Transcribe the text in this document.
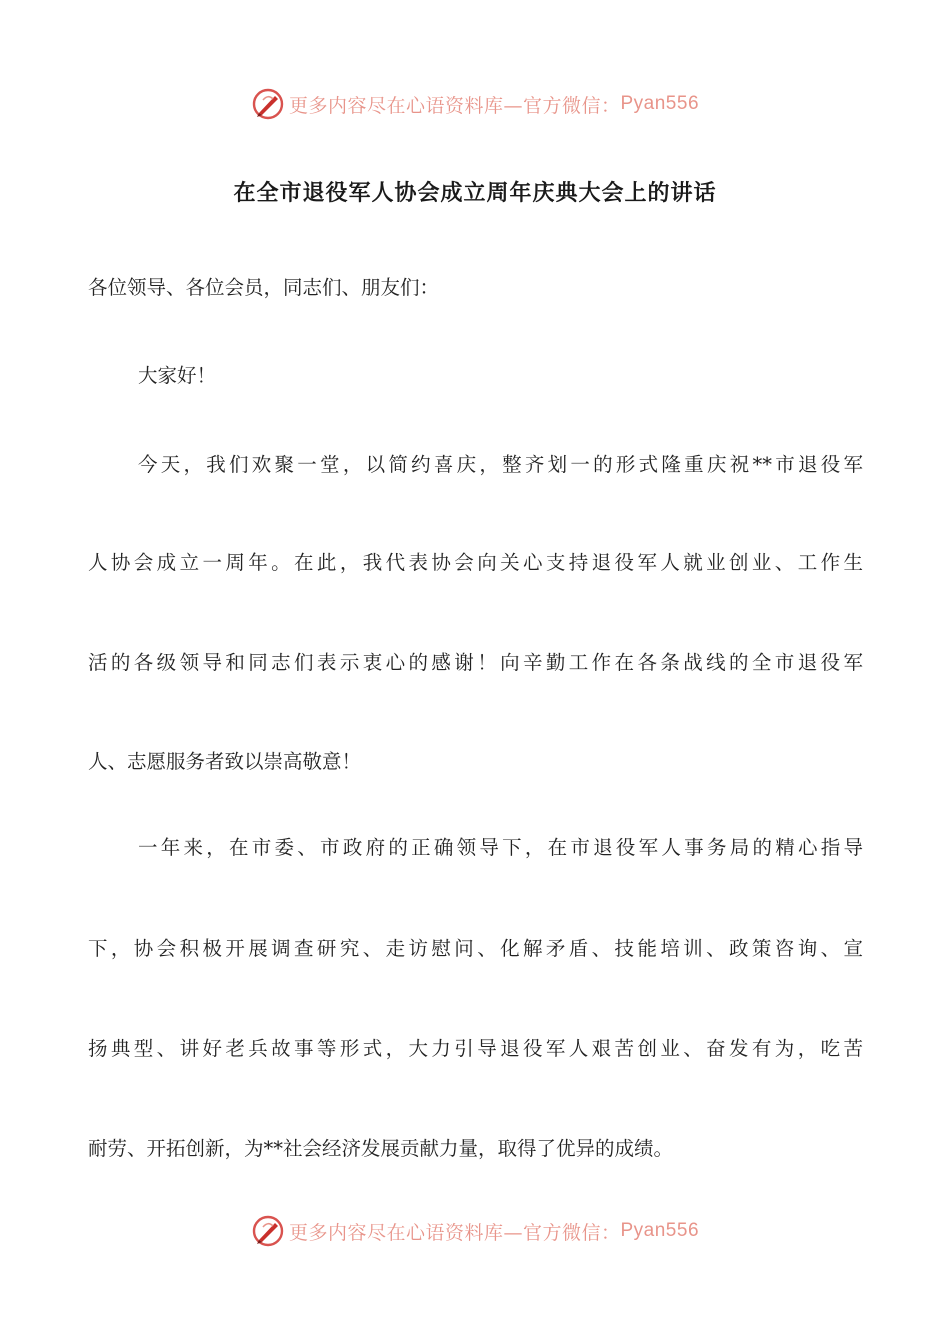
更多内容尽在心语资料库—官方微信： Pyan556
在全市退役军人协会成立周年庆典大会上的讲话
各位领导、各位会员，同志们、朋友们：
大家好！
今天，我们欢聚一堂，以简约喜庆，整齐划一的形式隆重庆祝**市退役军
人协会成立一周年。在此，我代表协会向关心支持退役军人就业创业、工作生
活的各级领导和同志们表示衷心的感谢！向辛勤工作在各条战线的全市退役军
人、志愿服务者致以崇高敬意！
一年来，在市委、市政府的正确领导下，在市退役军人事务局的精心指导
下，协会积极开展调查研究、走访慰问、化解矛盾、技能培训、政策咨询、宣
扬典型、讲好老兵故事等形式，大力引导退役军人艰苦创业、奋发有为，吃苦
耐劳、开拓创新，为**社会经济发展贡献力量，取得了优异的成绩。
更多内容尽在心语资料库—官方微信： Pyan556
